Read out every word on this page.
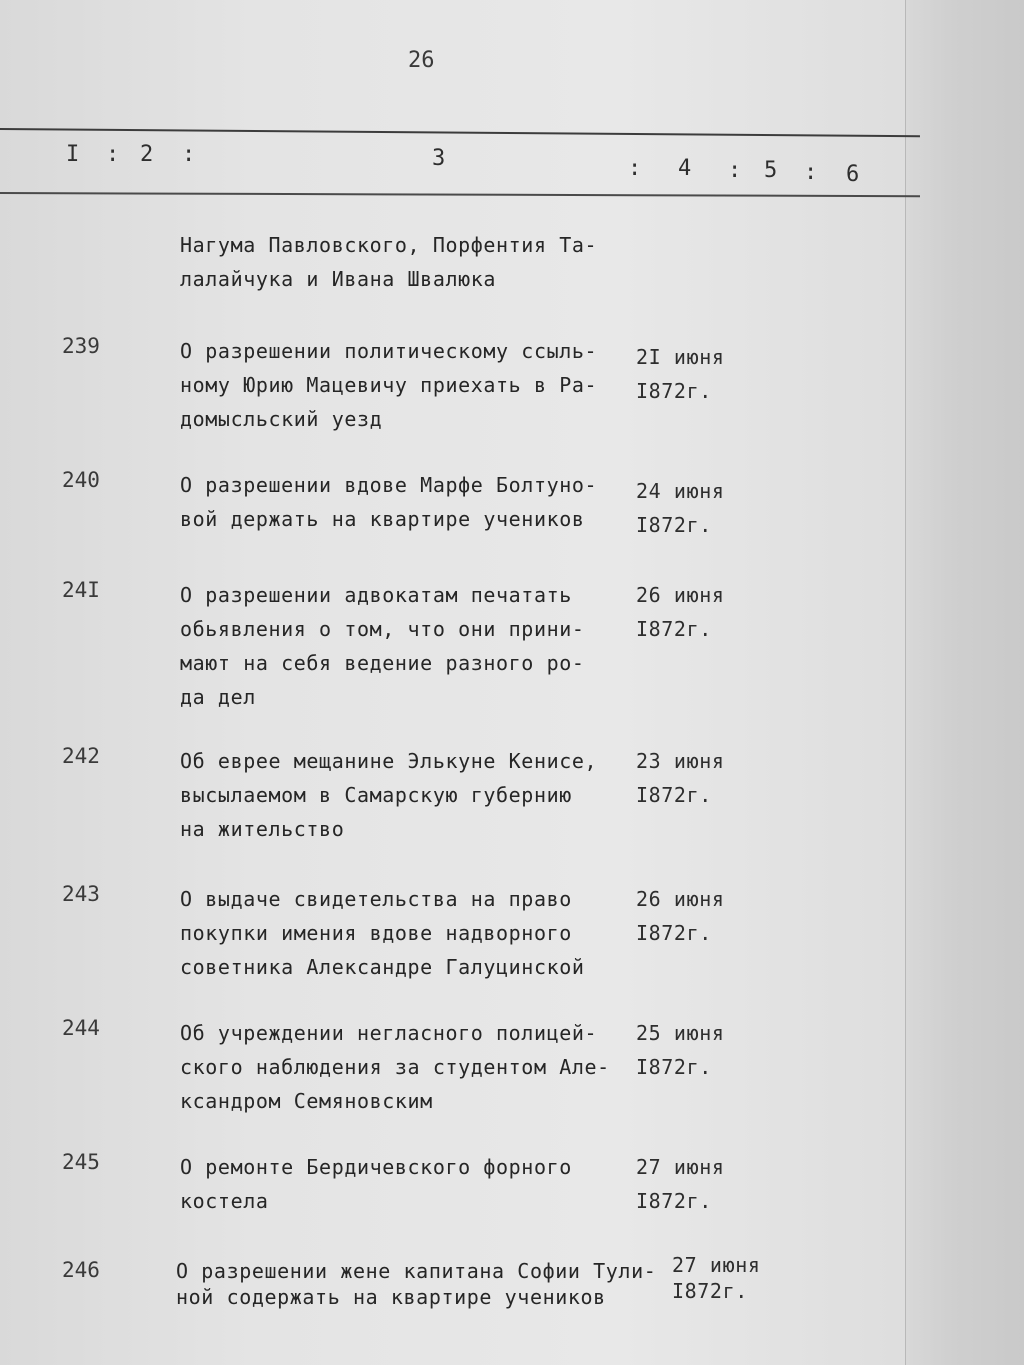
26
I : 2 :	3	: 4 : 5 : 6
Нагума Павловского, Порфентия Та-
лалайчука и Ивана Швалюка
239	О разрешении политическому ссыль-
ному Юрию Мацевичу приехать в Ра-
домысльский уезд
2I июня
I872г.
240	О разрешении вдове Марфе Болтуно-
вой держать на квартире учеников
24 июня
I872г.
24I	О разрешении адвокатам печатать
обьявления о том, что они прини-
мают на себя ведение разного ро-
да дел
26 июня
I872г.
242	Об еврее мещанине Элькуне Кенисе,
высылаемом в Самарскую губернию
на жительство
23 июня
I872г.
243	О выдаче свидетельства на право
покупки имения вдове надворного
советника Александре Галуцинской
26 июня
I872г.
244	Об учреждении негласного полицей-
ского наблюдения за студентом Але-
ксандром Семяновским
25 июня
I872г.
245	О ремонте Бердичевского форного
костела
27 июня
I872г.
246	О разрешении жене капитана Софии Тули-
ной содержать на квартире учеников
27 июня
I872г.
